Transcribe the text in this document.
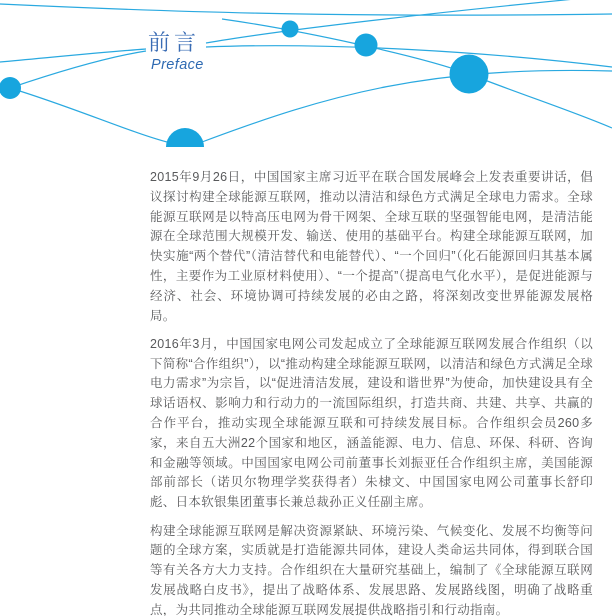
前言
Preface

2015年9月26日，中国国家主席习近平在联合国发展峰会上发表重要讲话，倡议探讨构建全球能源互联网，推动以清洁和绿色方式满足全球电力需求。全球能源互联网是以特高压电网为骨干网架、全球互联的坚强智能电网，是清洁能源在全球范围大规模开发、输送、使用的基础平台。构建全球能源互联网，加快实施“两个替代”（清洁替代和电能替代）、“一个回归”（化石能源回归其基本属性，主要作为工业原材料使用）、“一个提高”（提高电气化水平），是促进能源与经济、社会、环境协调可持续发展的必由之路，将深刻改变世界能源发展格局。

2016年3月，中国国家电网公司发起成立了全球能源互联网发展合作组织（以下简称“合作组织”），以“推动构建全球能源互联网，以清洁和绿色方式满足全球电力需求”为宗旨，以“促进清洁发展，建设和谐世界”为使命，加快建设具有全球话语权、影响力和行动力的一流国际组织，打造共商、共建、共享、共赢的合作平台，推动实现全球能源互联和可持续发展目标。合作组织会员260多家，来自五大洲22个国家和地区，涵盖能源、电力、信息、环保、科研、咨询和金融等领域。中国国家电网公司前董事长刘振亚任合作组织主席，美国能源部前部长（诺贝尔物理学奖获得者）朱棣文、中国国家电网公司董事长舒印彪、日本软银集团董事长兼总裁孙正义任副主席。

构建全球能源互联网是解决资源紧缺、环境污染、气候变化、发展不均衡等问题的全球方案，实质就是打造能源共同体，建设人类命运共同体，得到联合国等有关各方大力支持。合作组织在大量研究基础上，编制了《全球能源互联网发展战略白皮书》，提出了战略体系、发展思路、发展路线图，明确了战略重点，为共同推动全球能源互联网发展提供战略指引和行动指南。
